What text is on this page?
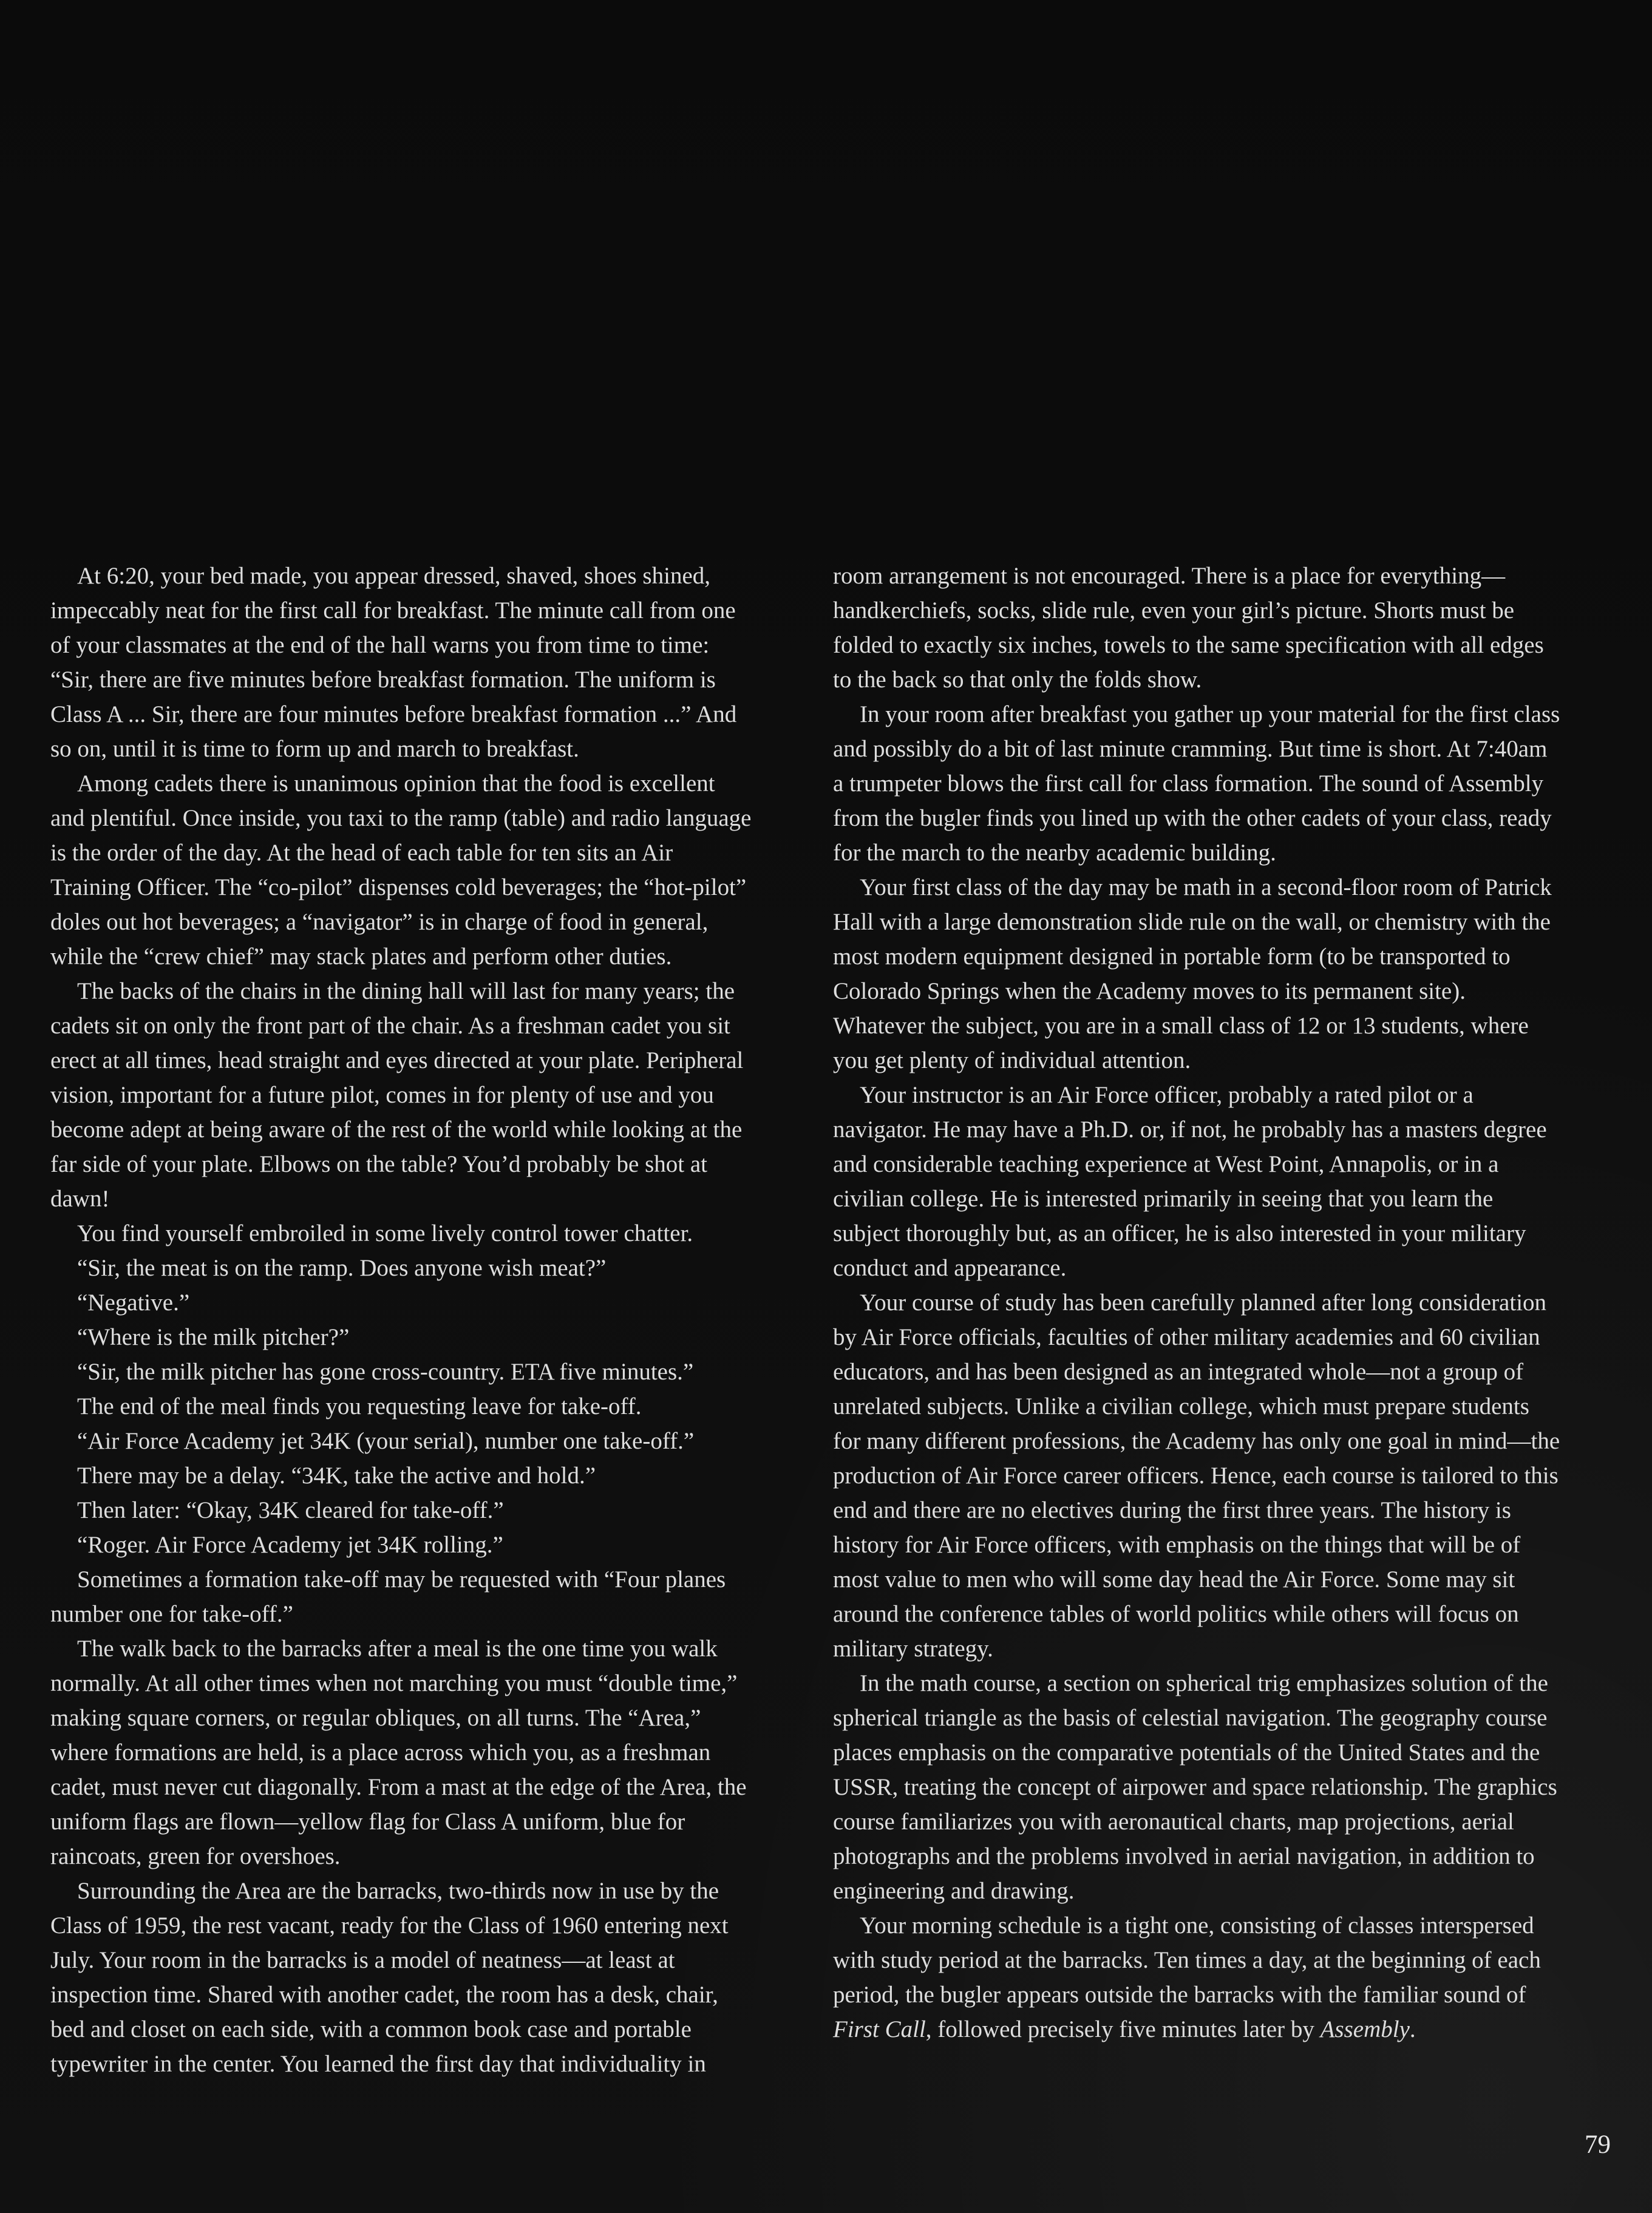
At 6:20, your bed made, you appear dressed, shaved, shoes shined, impeccably neat for the first call for breakfast. The minute call from one of your classmates at the end of the hall warns you from time to time: “Sir, there are five minutes before breakfast formation. The uniform is Class A ... Sir, there are four minutes before breakfast formation ...” And so on, until it is time to form up and march to breakfast.

Among cadets there is unanimous opinion that the food is excellent and plentiful. Once inside, you taxi to the ramp (table) and radio language is the order of the day. At the head of each table for ten sits an Air Training Officer. The “co-pilot” dispenses cold beverages; the “hot-pilot” doles out hot beverages; a “navigator” is in charge of food in general, while the “crew chief” may stack plates and perform other duties.

The backs of the chairs in the dining hall will last for many years; the cadets sit on only the front part of the chair. As a freshman cadet you sit erect at all times, head straight and eyes directed at your plate. Peripheral vision, important for a future pilot, comes in for plenty of use and you become adept at being aware of the rest of the world while looking at the far side of your plate. Elbows on the table? You’d probably be shot at dawn!

You find yourself embroiled in some lively control tower chatter.

“Sir, the meat is on the ramp. Does anyone wish meat?”

“Negative.”

“Where is the milk pitcher?”

“Sir, the milk pitcher has gone cross-country. ETA five minutes.”

The end of the meal finds you requesting leave for take-off.

“Air Force Academy jet 34K (your serial), number one take-off.”

There may be a delay. “34K, take the active and hold.”

Then later: “Okay, 34K cleared for take-off.”

“Roger. Air Force Academy jet 34K rolling.”

Sometimes a formation take-off may be requested with “Four planes number one for take-off.”

The walk back to the barracks after a meal is the one time you walk normally. At all other times when not marching you must “double time,” making square corners, or regular obliques, on all turns. The “Area,” where formations are held, is a place across which you, as a freshman cadet, must never cut diagonally. From a mast at the edge of the Area, the uniform flags are flown—yellow flag for Class A uniform, blue for raincoats, green for overshoes.

Surrounding the Area are the barracks, two-thirds now in use by the Class of 1959, the rest vacant, ready for the Class of 1960 entering next July. Your room in the barracks is a model of neatness—at least at inspection time. Shared with another cadet, the room has a desk, chair, bed and closet on each side, with a common book case and portable typewriter in the center. You learned the first day that individuality in

room arrangement is not encouraged. There is a place for everything—handkerchiefs, socks, slide rule, even your girl’s picture. Shorts must be folded to exactly six inches, towels to the same specification with all edges to the back so that only the folds show.

In your room after breakfast you gather up your material for the first class and possibly do a bit of last minute cramming. But time is short. At 7:40am a trumpeter blows the first call for class formation. The sound of Assembly from the bugler finds you lined up with the other cadets of your class, ready for the march to the nearby academic building.

Your first class of the day may be math in a second-floor room of Patrick Hall with a large demonstration slide rule on the wall, or chemistry with the most modern equipment designed in portable form (to be transported to Colorado Springs when the Academy moves to its permanent site). Whatever the subject, you are in a small class of 12 or 13 students, where you get plenty of individual attention.

Your instructor is an Air Force officer, probably a rated pilot or a navigator. He may have a Ph.D. or, if not, he probably has a masters degree and considerable teaching experience at West Point, Annapolis, or in a civilian college. He is interested primarily in seeing that you learn the subject thoroughly but, as an officer, he is also interested in your military conduct and appearance.

Your course of study has been carefully planned after long consideration by Air Force officials, faculties of other military academies and 60 civilian educators, and has been designed as an integrated whole—not a group of unrelated subjects. Unlike a civilian college, which must prepare students for many different professions, the Academy has only one goal in mind—the production of Air Force career officers. Hence, each course is tailored to this end and there are no electives during the first three years. The history is history for Air Force officers, with emphasis on the things that will be of most value to men who will some day head the Air Force. Some may sit around the conference tables of world politics while others will focus on military strategy.

In the math course, a section on spherical trig emphasizes solution of the spherical triangle as the basis of celestial navigation. The geography course places emphasis on the comparative potentials of the United States and the USSR, treating the concept of airpower and space relationship. The graphics course familiarizes you with aeronautical charts, map projections, aerial photographs and the problems involved in aerial navigation, in addition to engineering and drawing.

Your morning schedule is a tight one, consisting of classes interspersed with study period at the barracks. Ten times a day, at the beginning of each period, the bugler appears outside the barracks with the familiar sound of First Call, followed precisely five minutes later by Assembly.

79
